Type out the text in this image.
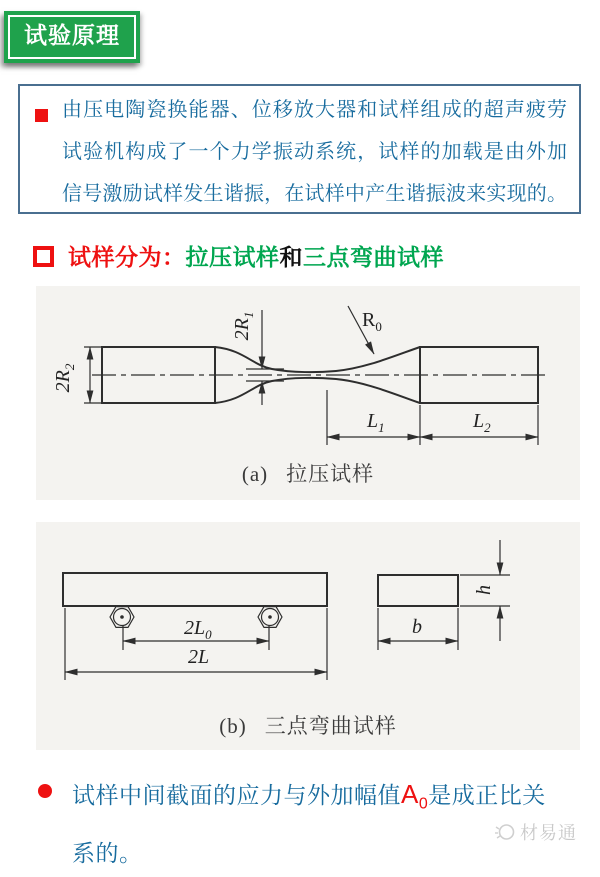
试验原理
由压电陶瓷换能器、位移放大器和试样组成的超声疲劳
试验机构成了一个力学振动系统，试样的加载是由外加
信号激励试样发生谐振，在试样中产生谐振波来实现的。
试样分为： 拉压试样 和 三点弯曲试样
$2R_2$
$2R_1$	$R_0$
$L_1$	$L_2$
(a) 拉压试样
$2L_0$
2L
b
h
(b) 三点弯曲试样
试样中间截面的应力与外加幅值$A_0$是成正比关系的。
材易通
